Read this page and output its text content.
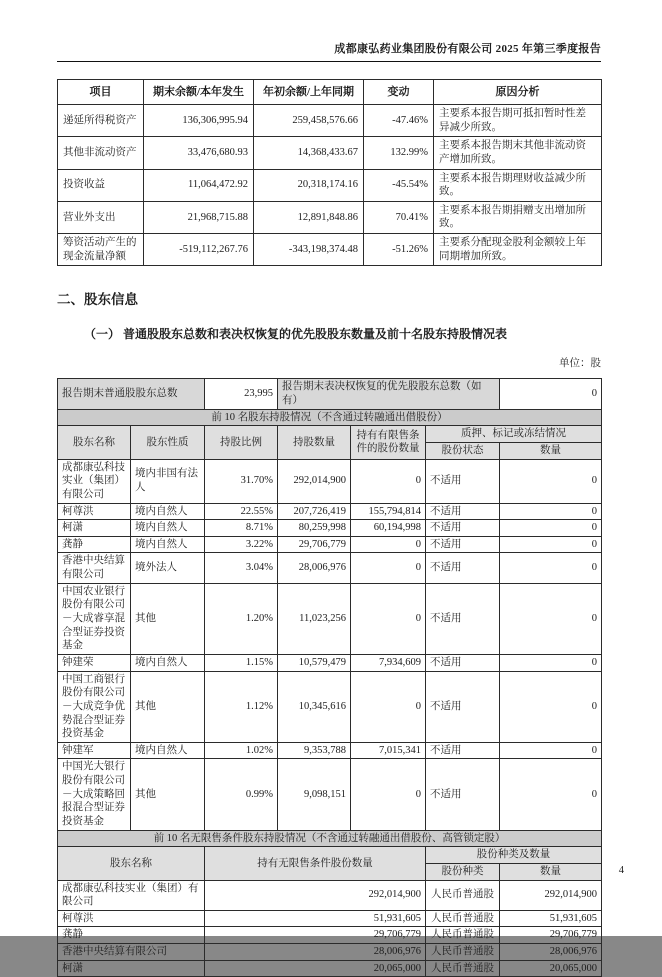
成都康弘药业集团股份有限公司 2025 年第三季度报告
项目	期末余额/本年发生	年初余额/上年同期	变动	原因分析
递延所得税资产	136,306,995.94	259,458,576.66	-47.46%	主要系本报告期可抵扣暂时性差异减少所致。
其他非流动资产	33,476,680.93	14,368,433.67	132.99%	主要系本报告期末其他非流动资产增加所致。
投资收益	11,064,472.92	20,318,174.16	-45.54%	主要系本报告期理财收益减少所致。
营业外支出	21,968,715.88	12,891,848.86	70.41%	主要系本报告期捐赠支出增加所致。
筹资活动产生的现金流量净额	-519,112,267.76	-343,198,374.48	-51.26%	主要系分配现金股利金额较上年同期增加所致。
二、股东信息
（一） 普通股股东总数和表决权恢复的优先股股东数量及前十名股东持股情况表
单位：股
报告期末普通股股东总数		23,995	报告期末表决权恢复的优先股股东总数（如有）			0
前 10 名股东持股情况（不含通过转融通出借股份）						
股东名称	股东性质	持股比例	持股数量	持有有限售条件的股份数量	质押、标记或冻结情况	
					股份状态	数量
成都康弘科技实业（集团）有限公司	境内非国有法人	31.70%	292,014,900	0	不适用	0
柯尊洪	境内自然人	22.55%	207,726,419	155,794,814	不适用	0
柯潇	境内自然人	8.71%	80,259,998	60,194,998	不适用	0
龚静	境内自然人	3.22%	29,706,779	0	不适用	0
香港中央结算有限公司	境外法人	3.04%	28,006,976	0	不适用	0
中国农业银行股份有限公司－大成睿享混合型证券投资基金	其他	1.20%	11,023,256	0	不适用	0
钟建荣	境内自然人	1.15%	10,579,479	7,934,609	不适用	0
中国工商银行股份有限公司－大成竞争优势混合型证券投资基金	其他	1.12%	10,345,616	0	不适用	0
钟建军	境内自然人	1.02%	9,353,788	7,015,341	不适用	0
中国光大银行股份有限公司－大成策略回报混合型证券投资基金	其他	0.99%	9,098,151	0	不适用	0
前 10 名无限售条件股东持股情况（不含通过转融通出借股份、高管锁定股）						
股东名称		持有无限售条件股份数量			股份种类及数量	
					股份种类	数量
成都康弘科技实业（集团）有限公司		292,014,900			人民币普通股	292,014,900
柯尊洪		51,931,605			人民币普通股	51,931,605
龚静		29,706,779			人民币普通股	29,706,779
香港中央结算有限公司		28,006,976			人民币普通股	28,006,976
柯潇		20,065,000			人民币普通股	20,065,000
4
